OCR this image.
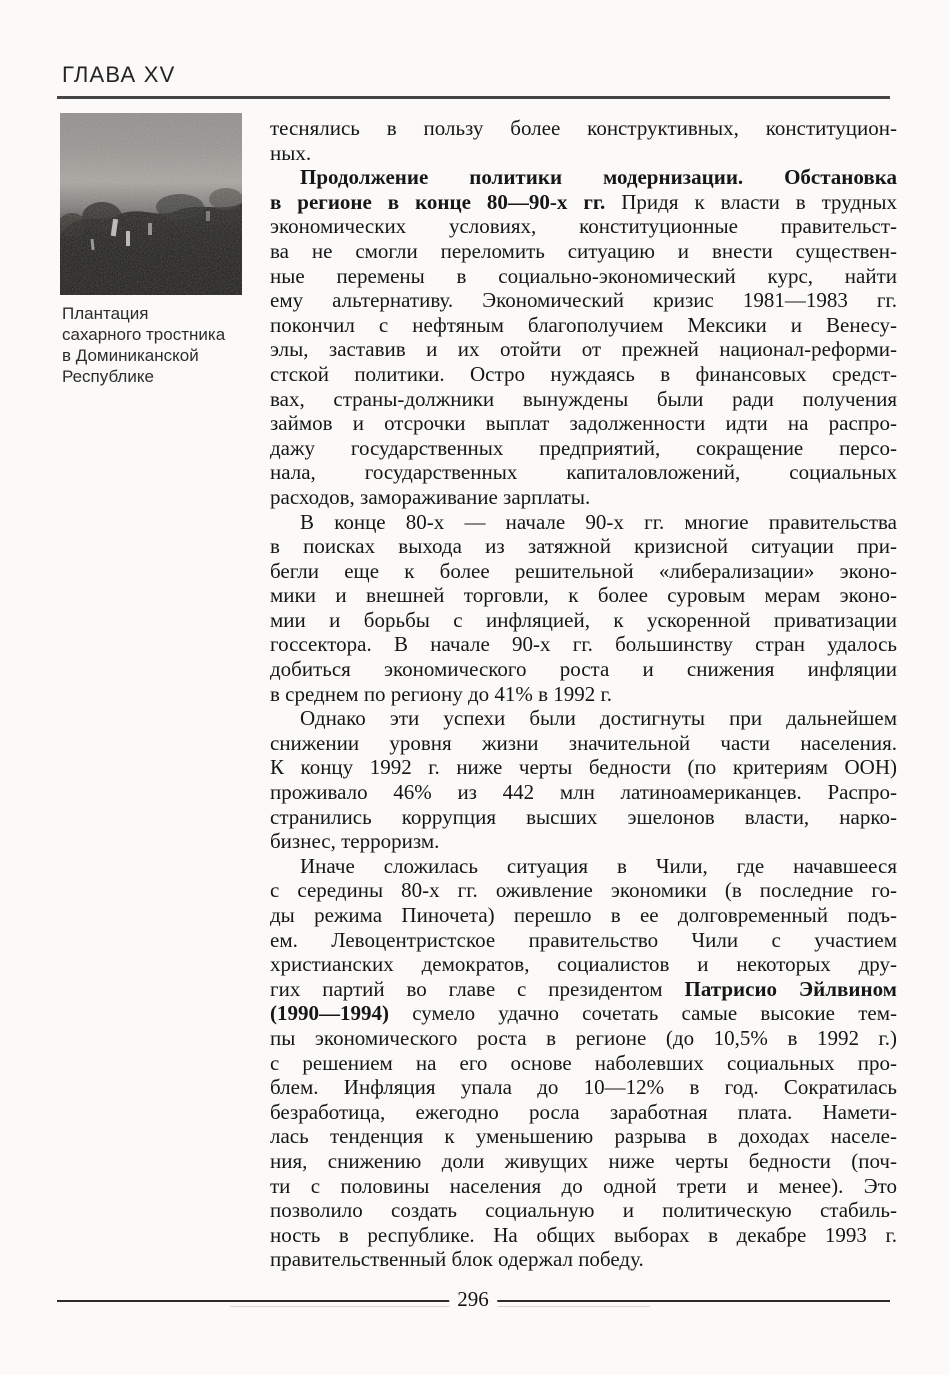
ГЛАВА XV
Плантация
сахарного тростника
в Доминиканской
Республике
теснялись в пользу более конструктивных, конституцион-
ных.
Продолжение политики модернизации. Обстановка
в регионе в конце 80—90-х гг. Придя к власти в трудных
экономических условиях, конституционные правительст-
ва не смогли переломить ситуацию и внести существен-
ные перемены в социально-экономический курс, найти
ему альтернативу. Экономический кризис 1981—1983 гг.
покончил с нефтяным благополучием Мексики и Венесу-
элы, заставив и их отойти от прежней национал-реформи-
стской политики. Остро нуждаясь в финансовых средст-
вах, страны-должники вынуждены были ради получения
займов и отсрочки выплат задолженности идти на распро-
дажу государственных предприятий, сокращение персо-
нала, государственных капиталовложений, социальных
расходов, замораживание зарплаты.
В конце 80-х — начале 90-х гг. многие правительства
в поисках выхода из затяжной кризисной ситуации при-
бегли еще к более решительной «либерализации» эконо-
мики и внешней торговли, к более суровым мерам эконо-
мии и борьбы с инфляцией, к ускоренной приватизации
госсектора. В начале 90-х гг. большинству стран удалось
добиться экономического роста и снижения инфляции
в среднем по региону до 41% в 1992 г.
Однако эти успехи были достигнуты при дальнейшем
снижении уровня жизни значительной части населения.
К концу 1992 г. ниже черты бедности (по критериям ООН)
проживало 46% из 442 млн латиноамериканцев. Распро-
странились коррупция высших эшелонов власти, нарко-
бизнес, терроризм.
Иначе сложилась ситуация в Чили, где начавшееся
с середины 80-х гг. оживление экономики (в последние го-
ды режима Пиночета) перешло в ее долговременный подъ-
ем. Левоцентристское правительство Чили с участием
христианских демократов, социалистов и некоторых дру-
гих партий во главе с президентом Патрисио Эйлвином
(1990—1994) сумело удачно сочетать самые высокие тем-
пы экономического роста в регионе (до 10,5% в 1992 г.)
с решением на его основе наболевших социальных про-
блем. Инфляция упала до 10—12% в год. Сократилась
безработица, ежегодно росла заработная плата. Намети-
лась тенденция к уменьшению разрыва в доходах населе-
ния, снижению доли живущих ниже черты бедности (поч-
ти с половины населения до одной трети и менее). Это
позволило создать социальную и политическую стабиль-
ность в республике. На общих выборах в декабре 1993 г.
правительственный блок одержал победу.
296
